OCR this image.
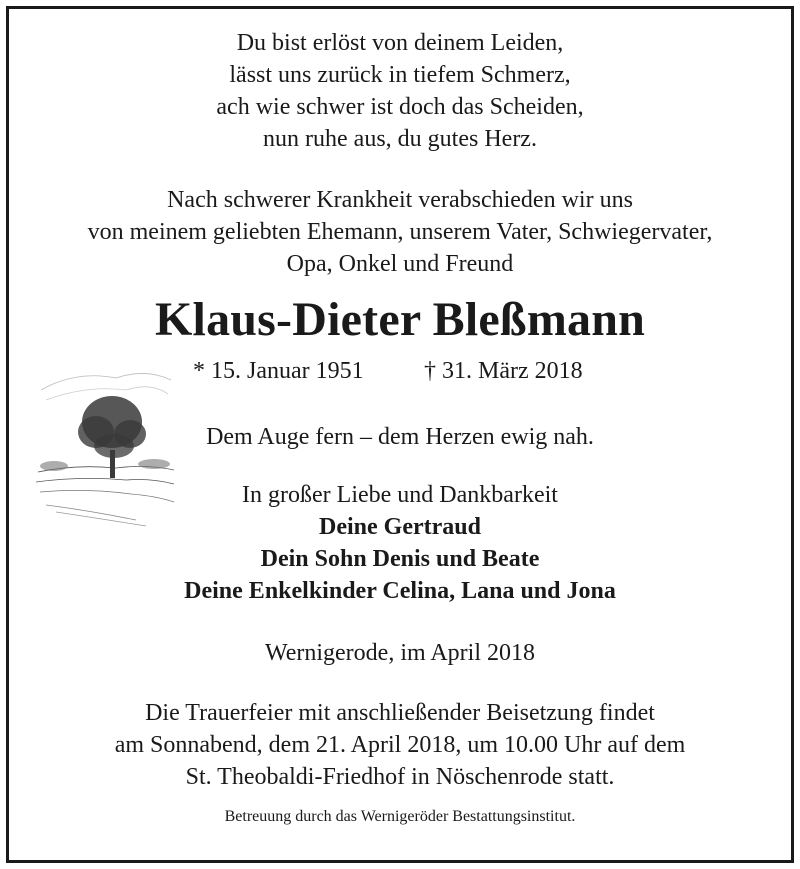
Du bist erlöst von deinem Leiden,
lässt uns zurück in tiefem Schmerz,
ach wie schwer ist doch das Scheiden,
nun ruhe aus, du gutes Herz.
Nach schwerer Krankheit verabschieden wir uns
von meinem geliebten Ehemann, unserem Vater, Schwiegervater,
Opa, Onkel und Freund
Klaus-Dieter Bleßmann
* 15. Januar 1951	† 31. März 2018
Dem Auge fern – dem Herzen ewig nah.
In großer Liebe und Dankbarkeit
Deine Gertraud
Dein Sohn Denis und Beate
Deine Enkelkinder Celina, Lana und Jona
Wernigerode, im April 2018
Die Trauerfeier mit anschließender Beisetzung findet
am Sonnabend, dem 21. April 2018, um 10.00 Uhr auf dem
St. Theobaldi-Friedhof in Nöschenrode statt.
Betreuung durch das Wernigeröder Bestattungsinstitut.
